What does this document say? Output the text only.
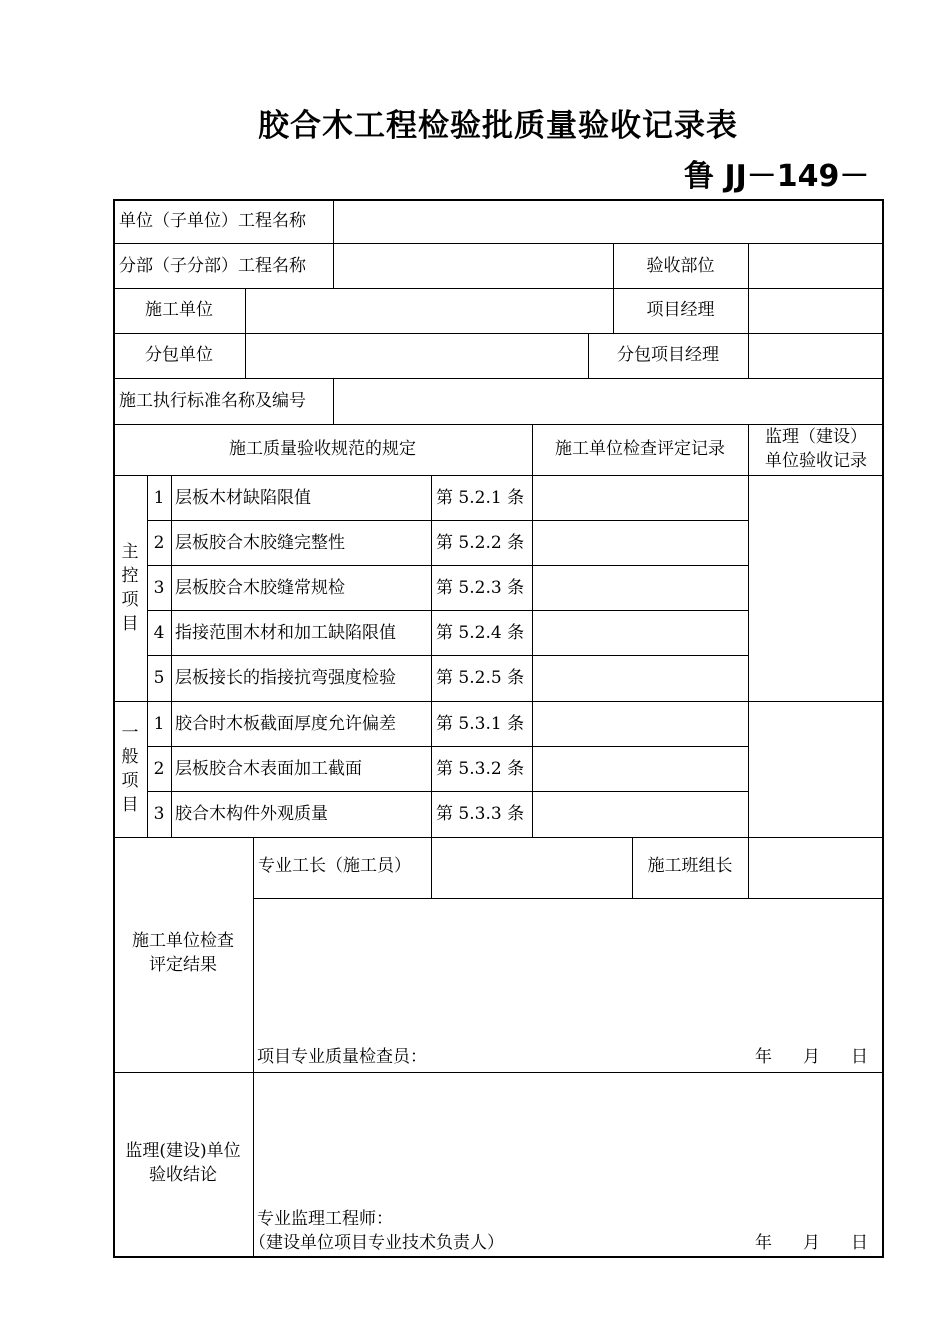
胶合木工程检验批质量验收记录表
鲁 JJ－149－
单位（子单位）工程名称
分部（子分部）工程名称	验收部位
施工单位	项目经理
分包单位	分包项目经理
施工执行标准名称及编号
施工质量验收规范的规定	施工单位检查评定记录
监理（建设）
单位验收记录
主
控
项
目
1 层板木材缺陷限值	第 5.2.1 条
2 层板胶合木胶缝完整性	第 5.2.2 条
3 层板胶合木胶缝常规检	第 5.2.3 条
4 指接范围木材和加工缺陷限值 第 5.2.4 条
5 层板接长的指接抗弯强度检验 第 5.2.5 条
一
般
项
目
1 胶合时木板截面厚度允许偏差 第 5.3.1 条
2 层板胶合木表面加工截面	第 5.3.2 条
3 胶合木构件外观质量	第 5.3.3 条
施工单位检查
评定结果
专业工长（施工员）	施工班组长
项目专业质量检查员：	年 月 日
监理(建设)单位
验收结论
专业监理工程师：
（建设单位项目专业技术负责人）	年 月 日
